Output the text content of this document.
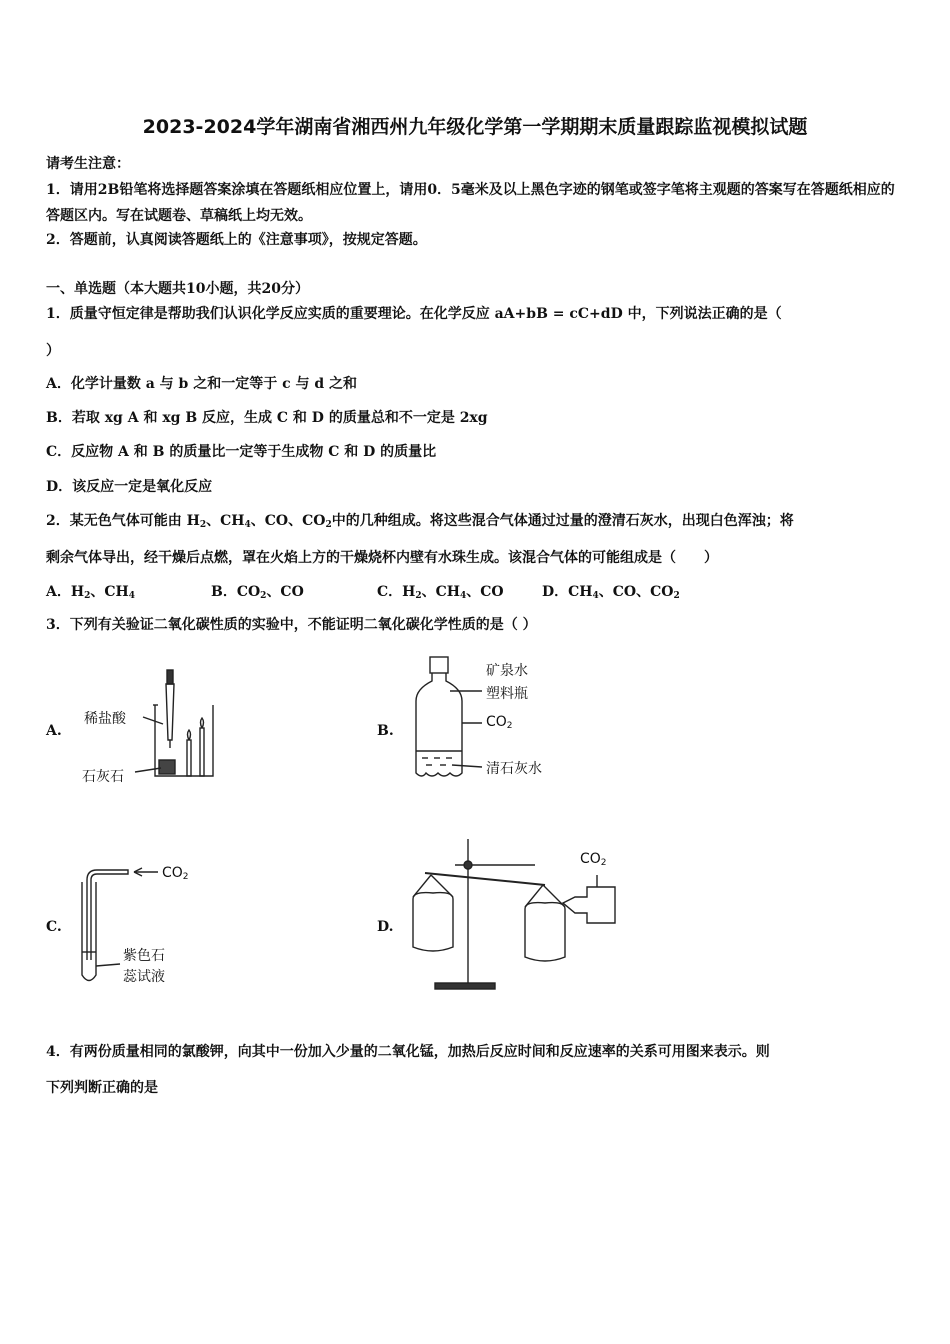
2023-2024学年湖南省湘西州九年级化学第一学期期末质量跟踪监视模拟试题
请考生注意：
1．请用2B铅笔将选择题答案涂填在答题纸相应位置上，请用0．5毫米及以上黑色字迹的钢笔或签字笔将主观题的答案写在答题纸相应的答题区内。写在试题卷、草稿纸上均无效。
2．答题前，认真阅读答题纸上的《注意事项》，按规定答题。
一、单选题（本大题共10小题，共20分）
1．质量守恒定律是帮助我们认识化学反应实质的重要理论。在化学反应 aA+bB = cC+dD 中，下列说法正确的是（
）
A．化学计量数 a 与 b 之和一定等于 c 与 d 之和
B．若取 xg A 和 xg B 反应，生成 C 和 D 的质量总和不一定是 2xg
C．反应物 A 和 B 的质量比一定等于生成物 C 和 D 的质量比
D．该反应一定是氧化反应
2．某无色气体可能由 $H_2$、$CH_4$、CO、$CO_2$中的几种组成。将这些混合气体通过过量的澄清石灰水，出现白色浑浊；将
剩余气体导出，经干燥后点燃，罩在火焰上方的干燥烧杯内壁有水珠生成。该混合气体的可能组成是（　　）
A．$H_2$、$CH_4$	B．$CO_2$、CO	C．$H_2$、$CH_4$、CO	D．$CH_4$、CO、$CO_2$
3．下列有关验证二氧化碳性质的实验中，不能证明二氧化碳化学性质的是（ ）
A.	B.
C.	D.
稀盐酸
石灰石
矿泉水
塑料瓶
$CO_2$
清石灰水
$CO_2$
紫色石
蕊试液
$CO_2$
4．有两份质量相同的氯酸钾，向其中一份加入少量的二氧化锰，加热后反应时间和反应速率的关系可用图来表示。则
下列判断正确的是
